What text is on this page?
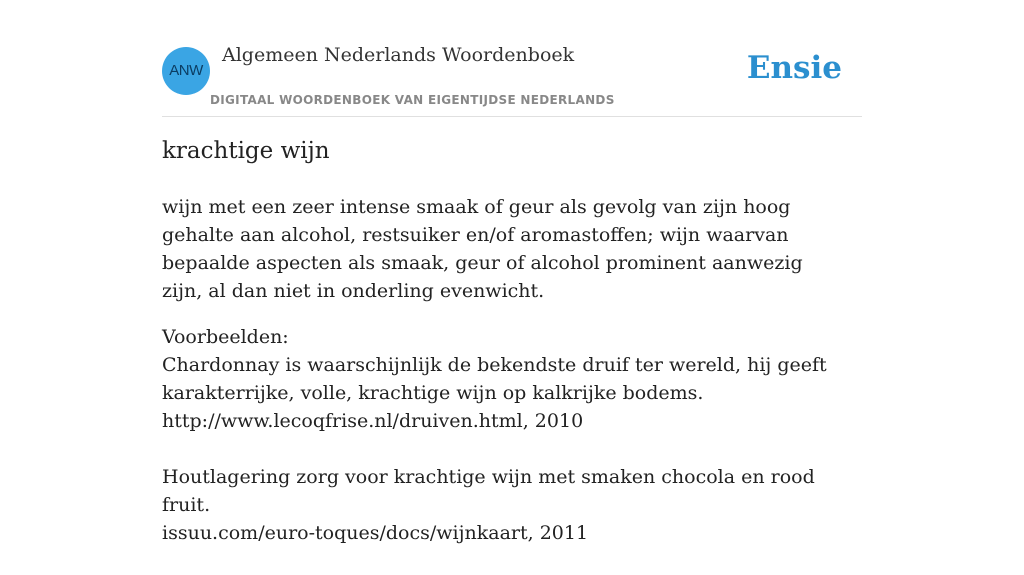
ANW
Algemeen Nederlands Woordenboek
DIGITAAL WOORDENBOEK VAN EIGENTIJDSE NEDERLANDS
Ensie
krachtige wijn
wijn met een zeer intense smaak of geur als gevolg van zijn hoog gehalte aan alcohol, restsuiker en/of aromastoffen; wijn waarvan bepaalde aspecten als smaak, geur of alcohol prominent aanwezig zijn, al dan niet in onderling evenwicht.

Voorbeelden:

Chardonnay is waarschijnlijk de bekendste druif ter wereld, hij geeft karakterrijke, volle, krachtige wijn op kalkrijke bodems.

http://www.lecoqfrise.nl/druiven.html, 2010

Houtlagering zorg voor krachtige wijn met smaken chocola en rood fruit.

issuu.com/euro-toques/docs/wijnkaart, 2011
